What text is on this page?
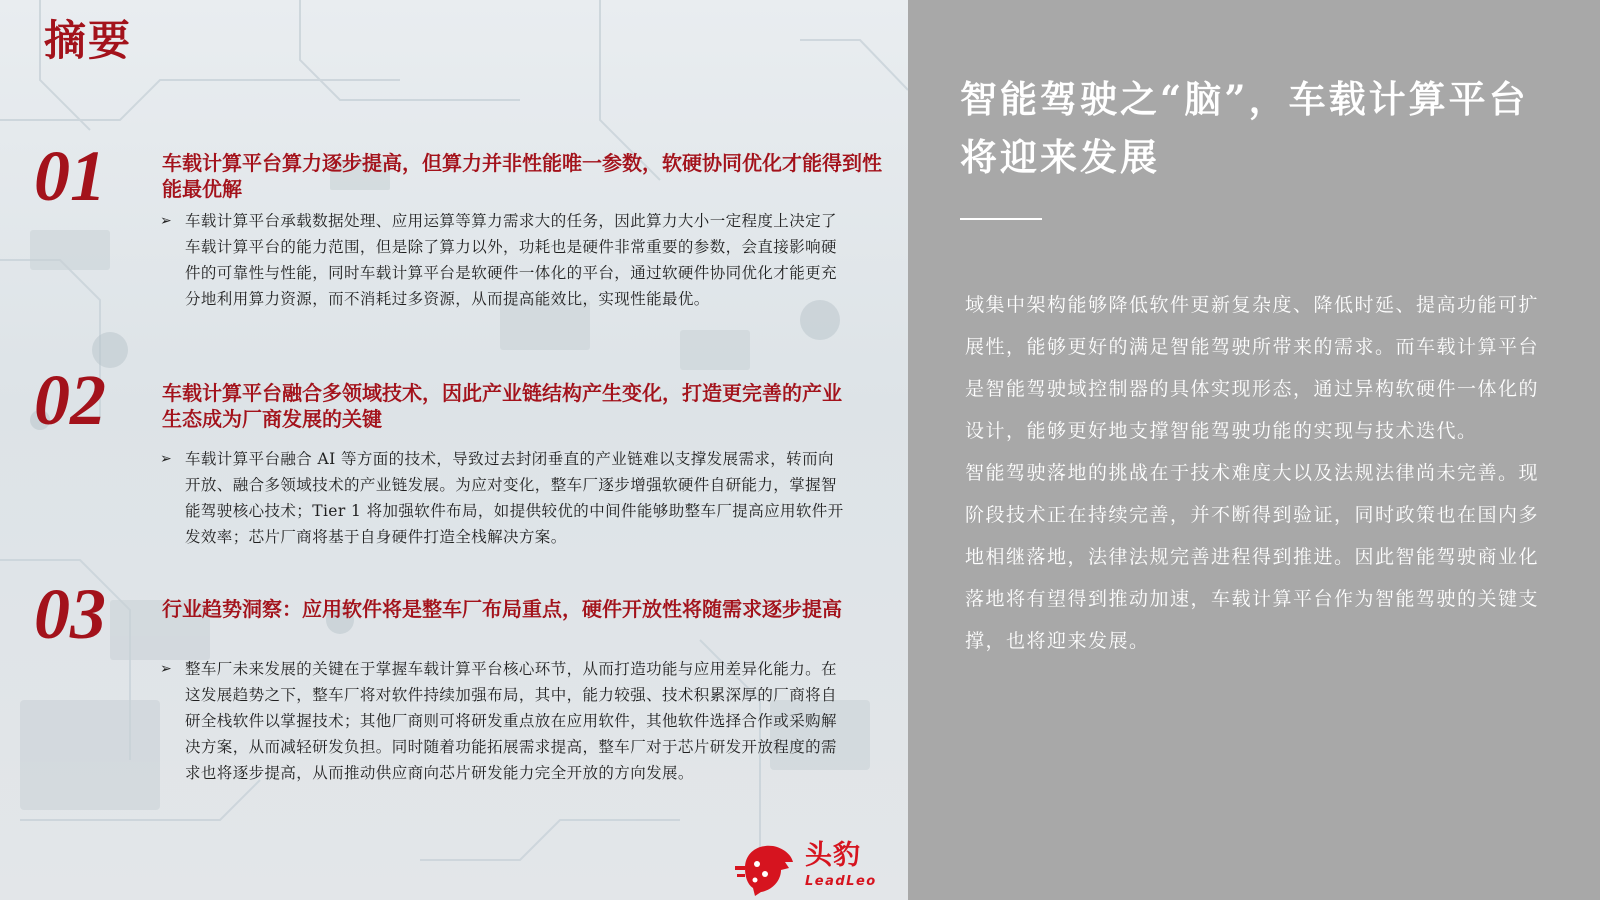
摘要
01	车载计算平台算力逐步提高，但算力并非性能唯一参数，软硬协同优化才能得到性能最优解
➢ 车载计算平台承载数据处理、应用运算等算力需求大的任务，因此算力大小一定程度上决定了车载计算平台的能力范围，但是除了算力以外，功耗也是硬件非常重要的参数，会直接影响硬件的可靠性与性能，同时车载计算平台是软硬件一体化的平台，通过软硬件协同优化才能更充分地利用算力资源，而不消耗过多资源，从而提高能效比，实现性能最优。

02	车载计算平台融合多领域技术，因此产业链结构产生变化，打造更完善的产业生态成为厂商发展的关键
➢ 车载计算平台融合 AI 等方面的技术，导致过去封闭垂直的产业链难以支撑发展需求，转而向开放、融合多领域技术的产业链发展。为应对变化，整车厂逐步增强软硬件自研能力，掌握智能驾驶核心技术；Tier 1 将加强软件布局，如提供较优的中间件能够助整车厂提高应用软件开发效率；芯片厂商将基于自身硬件打造全栈解决方案。

03	行业趋势洞察：应用软件将是整车厂布局重点，硬件开放性将随需求逐步提高
➢ 整车厂未来发展的关键在于掌握车载计算平台核心环节，从而打造功能与应用差异化能力。在这发展趋势之下，整车厂将对软件持续加强布局，其中，能力较强、技术积累深厚的厂商将自研全栈软件以掌握技术；其他厂商则可将研发重点放在应用软件，其他软件选择合作或采购解决方案，从而减轻研发负担。同时随着功能拓展需求提高，整车厂对于芯片研发开放程度的需求也将逐步提高，从而推动供应商向芯片研发能力完全开放的方向发展。

头豹
LeadLeo
智能驾驶之“脑”，车载计算平台将迎来发展

域集中架构能够降低软件更新复杂度、降低时延、提高功能可扩展性，能够更好的满足智能驾驶所带来的需求。而车载计算平台是智能驾驶域控制器的具体实现形态，通过异构软硬件一体化的设计，能够更好地支撑智能驾驶功能的实现与技术迭代。

智能驾驶落地的挑战在于技术难度大以及法规法律尚未完善。现阶段技术正在持续完善，并不断得到验证，同时政策也在国内多地相继落地，法律法规完善进程得到推进。因此智能驾驶商业化落地将有望得到推动加速，车载计算平台作为智能驾驶的关键支撑，也将迎来发展。
